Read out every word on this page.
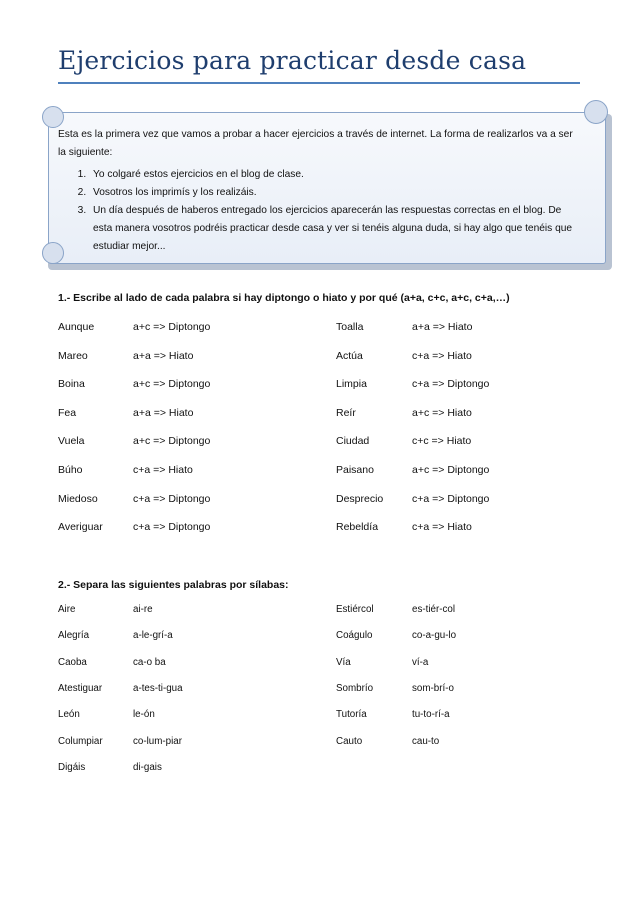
Ejercicios para practicar desde casa
Esta es la primera vez que vamos a probar a hacer ejercicios a través de internet. La forma de realizarlos va a ser la siguiente:
1. Yo colgaré estos ejercicios en el blog de clase.
2. Vosotros los imprimís y los realizáis.
3. Un día después de haberos entregado los ejercicios aparecerán las respuestas correctas en el blog. De esta manera vosotros podréis practicar desde casa y ver si tenéis alguna duda, si hay algo que tenéis que estudiar mejor...
1.- Escribe al lado de cada palabra si hay diptongo o hiato y por qué (a+a, c+c, a+c, c+a,…)
Aunque	a+c => Diptongo	Toalla	a+a => Hiato
Mareo	a+a => Hiato	Actúa	c+a => Hiato
Boina	a+c => Diptongo	Limpia	c+a => Diptongo
Fea	a+a => Hiato	Reír	a+c => Hiato
Vuela	a+c => Diptongo	Ciudad	c+c => Hiato
Búho	c+a => Hiato	Paisano	a+c => Diptongo
Miedoso	c+a => Diptongo	Desprecio	c+a => Diptongo
Averiguar	c+a => Diptongo	Rebeldía	c+a => Hiato
2.- Separa las siguientes palabras por sílabas:
Aire	ai-re	Estiércol	es-tiér-col
Alegría	a-le-grí-a	Coágulo	co-a-gu-lo
Caoba	ca-o ba	Vía	ví-a
Atestiguar	a-tes-ti-gua	Sombrío	som-brí-o
León	le-ón	Tutoría	tu-to-rí-a
Columpiar	co-lum-piar	Cauto	cau-to
Digáis	di-gais
